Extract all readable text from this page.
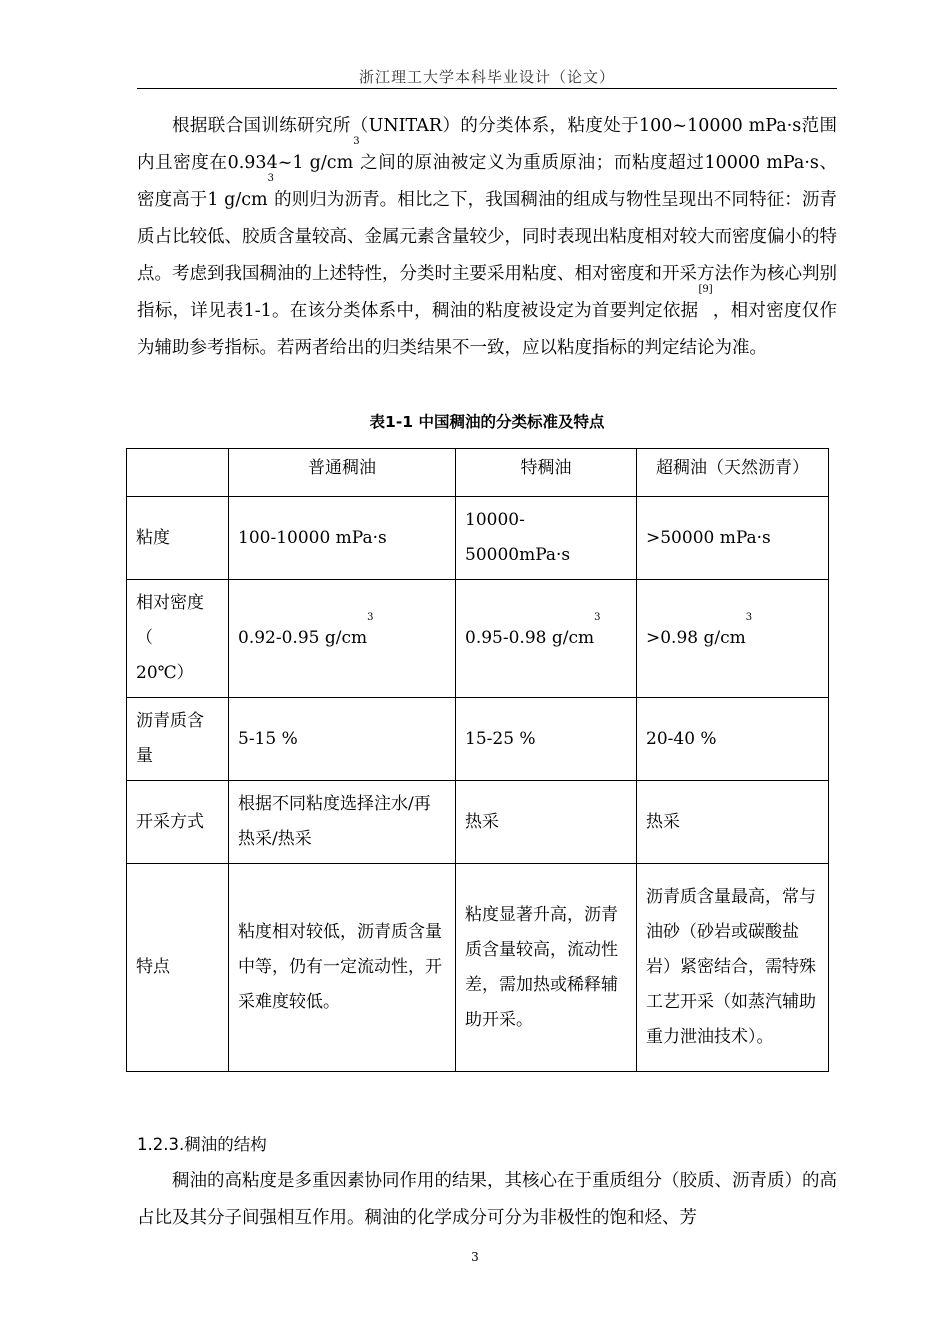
浙江理工大学本科毕业设计（论文）
根据联合国训练研究所（UNITAR）的分类体系，粘度处于100~10000 mPa·s范围内且密度在0.934~1 $g/cm^3$之间的原油被定义为重质原油；而粘度超过10000 mPa·s、密度高于1 $g/cm^3$的则归为沥青。相比之下，我国稠油的组成与物性呈现出不同特征：沥青质占比较低、胶质含量较高、金属元素含量较少，同时表现出粘度相对较大而密度偏小的特点。考虑到我国稠油的上述特性，分类时主要采用粘度、相对密度和开采方法作为核心判别指标，详见表1-1。在该分类体系中，稠油的粘度被设定为首要判定依据[9]，相对密度仅作为辅助参考指标。若两者给出的归类结果不一致，应以粘度指标的判定结论为准。
表1-1 中国稠油的分类标准及特点
	普通稠油	特稠油	超稠油（天然沥青）
粘度	100-10000 mPa·s	10000-50000mPa·s	>50000 mPa·s
相对密度（　20℃）	0.92-0.95 $g/cm^3$	0.95-0.98 $g/cm^3$	>0.98 $g/cm^3$
沥青质含量	5-15 %	15-25 %	20-40 %
开采方式	根据不同粘度选择注水/再热采/热采	热采	热采
特点	粘度相对较低，沥青质含量中等，仍有一定流动性，开采难度较低。	粘度显著升高，沥青质含量较高，流动性差，需加热或稀释辅助开采。	沥青质含量最高，常与油砂（砂岩或碳酸盐岩）紧密结合，需特殊工艺开采（如蒸汽辅助重力泄油技术）。
1.2.3.稠油的结构
稠油的高粘度是多重因素协同作用的结果，其核心在于重质组分（胶质、沥青质）的高占比及其分子间强相互作用。稠油的化学成分可分为非极性的饱和烃、芳
3
